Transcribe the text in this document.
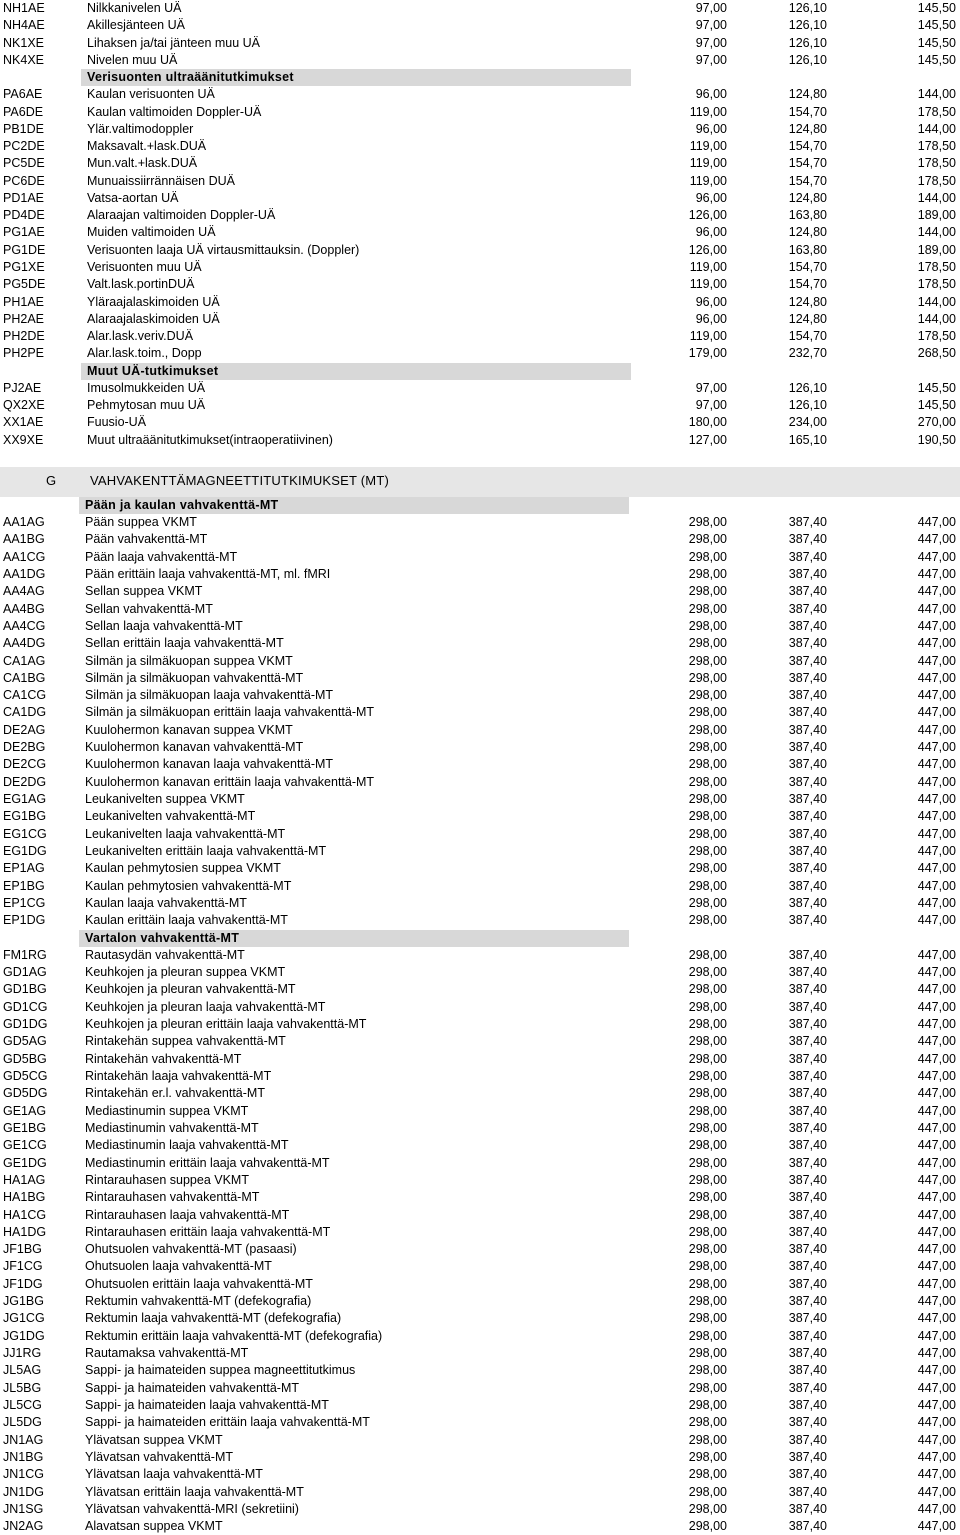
NH1AE	Nilkkanivelen UÄ	97,00	126,10	145,50
NH4AE	Akillesjänteen UÄ	97,00	126,10	145,50
NK1XE	Lihaksen ja/tai jänteen muu UÄ	97,00	126,10	145,50
NK4XE	Nivelen muu UÄ	97,00	126,10	145,50
Verisuonten ultraäänitutkimukset
PA6AE	Kaulan verisuonten UÄ	96,00	124,80	144,00
PA6DE	Kaulan valtimoiden Doppler-UÄ	119,00	154,70	178,50
PB1DE	Ylär.valtimodoppler	96,00	124,80	144,00
PC2DE	Maksavalt.+lask.DUÄ	119,00	154,70	178,50
PC5DE	Mun.valt.+lask.DUÄ	119,00	154,70	178,50
PC6DE	Munuaissiirrännäisen DUÄ	119,00	154,70	178,50
PD1AE	Vatsa-aortan UÄ	96,00	124,80	144,00
PD4DE	Alaraajan valtimoiden Doppler-UÄ	126,00	163,80	189,00
PG1AE	Muiden valtimoiden UÄ	96,00	124,80	144,00
PG1DE	Verisuonten laaja UÄ virtausmittauksin. (Doppler)	126,00	163,80	189,00
PG1XE	Verisuonten muu UÄ	119,00	154,70	178,50
PG5DE	Valt.lask.portinDUÄ	119,00	154,70	178,50
PH1AE	Yläraajalaskimoiden UÄ	96,00	124,80	144,00
PH2AE	Alaraajalaskimoiden UÄ	96,00	124,80	144,00
PH2DE	Alar.lask.veriv.DUÄ	119,00	154,70	178,50
PH2PE	Alar.lask.toim., Dopp	179,00	232,70	268,50
Muut UÄ-tutkimukset
PJ2AE	Imusolmukkeiden UÄ	97,00	126,10	145,50
QX2XE	Pehmytosan muu UÄ	97,00	126,10	145,50
XX1AE	Fuusio-UÄ	180,00	234,00	270,00
XX9XE	Muut ultraäänitutkimukset(intraoperatiivinen)	127,00	165,10	190,50
G	VAHVAKENTTÄMAGNEETTITUTKIMUKSET (MT)
Pään ja kaulan vahvakenttä-MT
AA1AG	Pään suppea VKMT	298,00	387,40	447,00
AA1BG	Pään vahvakenttä-MT	298,00	387,40	447,00
AA1CG	Pään laaja vahvakenttä-MT	298,00	387,40	447,00
AA1DG	Pään erittäin laaja vahvakenttä-MT, ml. fMRI	298,00	387,40	447,00
AA4AG	Sellan suppea VKMT	298,00	387,40	447,00
AA4BG	Sellan vahvakenttä-MT	298,00	387,40	447,00
AA4CG	Sellan laaja vahvakenttä-MT	298,00	387,40	447,00
AA4DG	Sellan erittäin laaja vahvakenttä-MT	298,00	387,40	447,00
CA1AG	Silmän ja silmäkuopan suppea VKMT	298,00	387,40	447,00
CA1BG	Silmän ja silmäkuopan vahvakenttä-MT	298,00	387,40	447,00
CA1CG	Silmän ja silmäkuopan laaja vahvakenttä-MT	298,00	387,40	447,00
CA1DG	Silmän ja silmäkuopan erittäin laaja vahvakenttä-MT	298,00	387,40	447,00
DE2AG	Kuulohermon kanavan suppea VKMT	298,00	387,40	447,00
DE2BG	Kuulohermon kanavan vahvakenttä-MT	298,00	387,40	447,00
DE2CG	Kuulohermon kanavan laaja vahvakenttä-MT	298,00	387,40	447,00
DE2DG	Kuulohermon kanavan erittäin laaja vahvakenttä-MT	298,00	387,40	447,00
EG1AG	Leukanivelten suppea VKMT	298,00	387,40	447,00
EG1BG	Leukanivelten vahvakenttä-MT	298,00	387,40	447,00
EG1CG	Leukanivelten laaja vahvakenttä-MT	298,00	387,40	447,00
EG1DG	Leukanivelten erittäin laaja vahvakenttä-MT	298,00	387,40	447,00
EP1AG	Kaulan pehmytosien suppea VKMT	298,00	387,40	447,00
EP1BG	Kaulan pehmytosien vahvakenttä-MT	298,00	387,40	447,00
EP1CG	Kaulan laaja vahvakenttä-MT	298,00	387,40	447,00
EP1DG	Kaulan erittäin laaja vahvakenttä-MT	298,00	387,40	447,00
Vartalon vahvakenttä-MT
FM1RG	Rautasydän vahvakenttä-MT	298,00	387,40	447,00
GD1AG	Keuhkojen ja pleuran suppea VKMT	298,00	387,40	447,00
GD1BG	Keuhkojen ja pleuran vahvakenttä-MT	298,00	387,40	447,00
GD1CG	Keuhkojen ja pleuran laaja vahvakenttä-MT	298,00	387,40	447,00
GD1DG	Keuhkojen ja pleuran erittäin laaja vahvakenttä-MT	298,00	387,40	447,00
GD5AG	Rintakehän suppea vahvakenttä-MT	298,00	387,40	447,00
GD5BG	Rintakehän vahvakenttä-MT	298,00	387,40	447,00
GD5CG	Rintakehän laaja vahvakenttä-MT	298,00	387,40	447,00
GD5DG	Rintakehän er.l. vahvakenttä-MT	298,00	387,40	447,00
GE1AG	Mediastinumin suppea VKMT	298,00	387,40	447,00
GE1BG	Mediastinumin vahvakenttä-MT	298,00	387,40	447,00
GE1CG	Mediastinumin laaja vahvakenttä-MT	298,00	387,40	447,00
GE1DG	Mediastinumin erittäin laaja vahvakenttä-MT	298,00	387,40	447,00
HA1AG	Rintarauhasen suppea VKMT	298,00	387,40	447,00
HA1BG	Rintarauhasen vahvakenttä-MT	298,00	387,40	447,00
HA1CG	Rintarauhasen laaja vahvakenttä-MT	298,00	387,40	447,00
HA1DG	Rintarauhasen erittäin laaja vahvakenttä-MT	298,00	387,40	447,00
JF1BG	Ohutsuolen vahvakenttä-MT (pasaasi)	298,00	387,40	447,00
JF1CG	Ohutsuolen laaja vahvakenttä-MT	298,00	387,40	447,00
JF1DG	Ohutsuolen erittäin laaja vahvakenttä-MT	298,00	387,40	447,00
JG1BG	Rektumin vahvakenttä-MT (defekografia)	298,00	387,40	447,00
JG1CG	Rektumin laaja vahvakenttä-MT (defekografia)	298,00	387,40	447,00
JG1DG	Rektumin erittäin laaja vahvakenttä-MT (defekografia)	298,00	387,40	447,00
JJ1RG	Rautamaksa vahvakenttä-MT	298,00	387,40	447,00
JL5AG	Sappi- ja haimateiden suppea magneettitutkimus	298,00	387,40	447,00
JL5BG	Sappi- ja haimateiden vahvakenttä-MT	298,00	387,40	447,00
JL5CG	Sappi- ja haimateiden laaja vahvakenttä-MT	298,00	387,40	447,00
JL5DG	Sappi- ja haimateiden erittäin laaja vahvakenttä-MT	298,00	387,40	447,00
JN1AG	Ylävatsan suppea VKMT	298,00	387,40	447,00
JN1BG	Ylävatsan vahvakenttä-MT	298,00	387,40	447,00
JN1CG	Ylävatsan laaja vahvakenttä-MT	298,00	387,40	447,00
JN1DG	Ylävatsan erittäin laaja vahvakenttä-MT	298,00	387,40	447,00
JN1SG	Ylävatsan vahvakenttä-MRI (sekretiini)	298,00	387,40	447,00
JN2AG	Alavatsan suppea VKMT	298,00	387,40	447,00
